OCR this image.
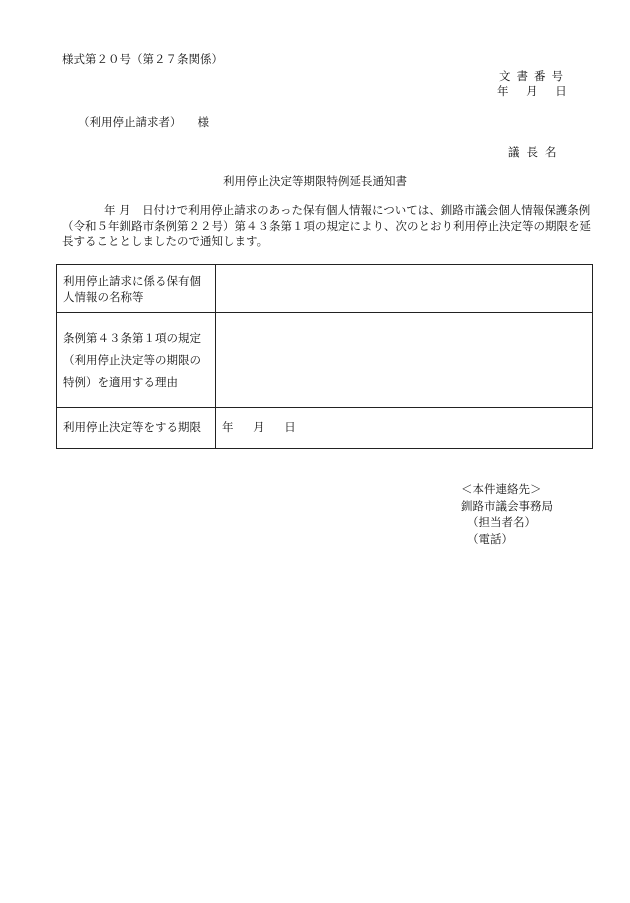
様式第２０号（第２７条関係）
文書番号
年 月 日
（利用停止請求者） 様
議長名
利用停止決定等期限特例延長通知書
年 月　 日付けで利用停止請求のあった保有個人情報については、釧路市議会個人情報保護条例（令和５年釧路市条例第２２号）第４３条第１項の規定により、次のとおり利用停止決定等の期限を延長することとしましたので通知します。
利用停止請求に係る保有個人情報の名称等	
条例第４３条第１項の規定（利用停止決定等の期限の特例）を適用する理由	
利用停止決定等をする期限	年 月 日
＜本件連絡先＞
釧路市議会事務局
（担当者名）
（電話）
